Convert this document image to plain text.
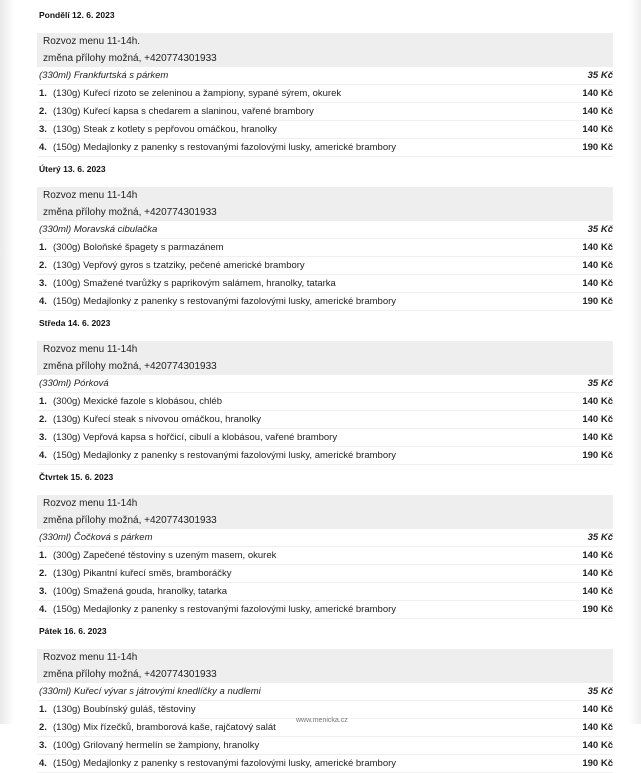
Pondělí 12. 6. 2023
Rozvoz menu 11-14h.
změna přílohy možná, +420774301933
(330ml) Frankfurtská s párkem	35 Kč
1. (130g) Kuřecí rizoto se zeleninou a žampiony, sypané sýrem, okurek	140 Kč
2. (130g) Kuřecí kapsa s chedarem a slaninou, vařené brambory	140 Kč
3. (130g) Steak z kotlety s pepřovou omáčkou, hranolky	140 Kč
4. (150g) Medajlonky z panenky s restovanými fazolovými lusky, americké brambory	190 Kč
Úterý 13. 6. 2023
Rozvoz menu 11-14h
změna přílohy možná, +420774301933
(330ml) Moravská cibulačka	35 Kč
1. (300g) Boloňské špagety s parmazánem	140 Kč
2. (130g) Vepřový gyros s tzatziky, pečené americké brambory	140 Kč
3. (100g) Smažené tvarůžky s paprikovým salámem, hranolky, tatarka	140 Kč
4. (150g) Medajlonky z panenky s restovanými fazolovými lusky, americké brambory	190 Kč
Středa 14. 6. 2023
Rozvoz menu 11-14h
změna přílohy možná, +420774301933
(330ml) Pórková	35 Kč
1. (300g) Mexické fazole s klobásou, chléb	140 Kč
2. (130g) Kuřecí steak s nivovou omáčkou, hranolky	140 Kč
3. (130g) Vepřová kapsa s hořčicí, cibulí a klobásou, vařené brambory	140 Kč
4. (150g) Medajlonky z panenky s restovanými fazolovými lusky, americké brambory	190 Kč
Čtvrtek 15. 6. 2023
Rozvoz menu 11-14h
změna přílohy možná, +420774301933
(330ml) Čočková s párkem	35 Kč
1. (300g) Zapečené těstoviny s uzeným masem, okurek	140 Kč
2. (130g) Pikantní kuřecí směs, bramboráčky	140 Kč
3. (100g) Smažená gouda, hranolky, tatarka	140 Kč
4. (150g) Medajlonky z panenky s restovanými fazolovými lusky, americké brambory	190 Kč
Pátek 16. 6. 2023
Rozvoz menu 11-14h
změna přílohy možná, +420774301933
(330ml) Kuřecí vývar s játrovými knedlíčky a nudlemi	35 Kč
1. (130g) Boubínský guláš, těstoviny	140 Kč
2. (130g) Mix řízečků, bramborová kaše, rajčatový salát	140 Kč
3. (100g) Grilovaný hermelín se žampiony, hranolky	140 Kč
4. (150g) Medajlonky z panenky s restovanými fazolovými lusky, americké brambory	190 Kč
www.menicka.cz
